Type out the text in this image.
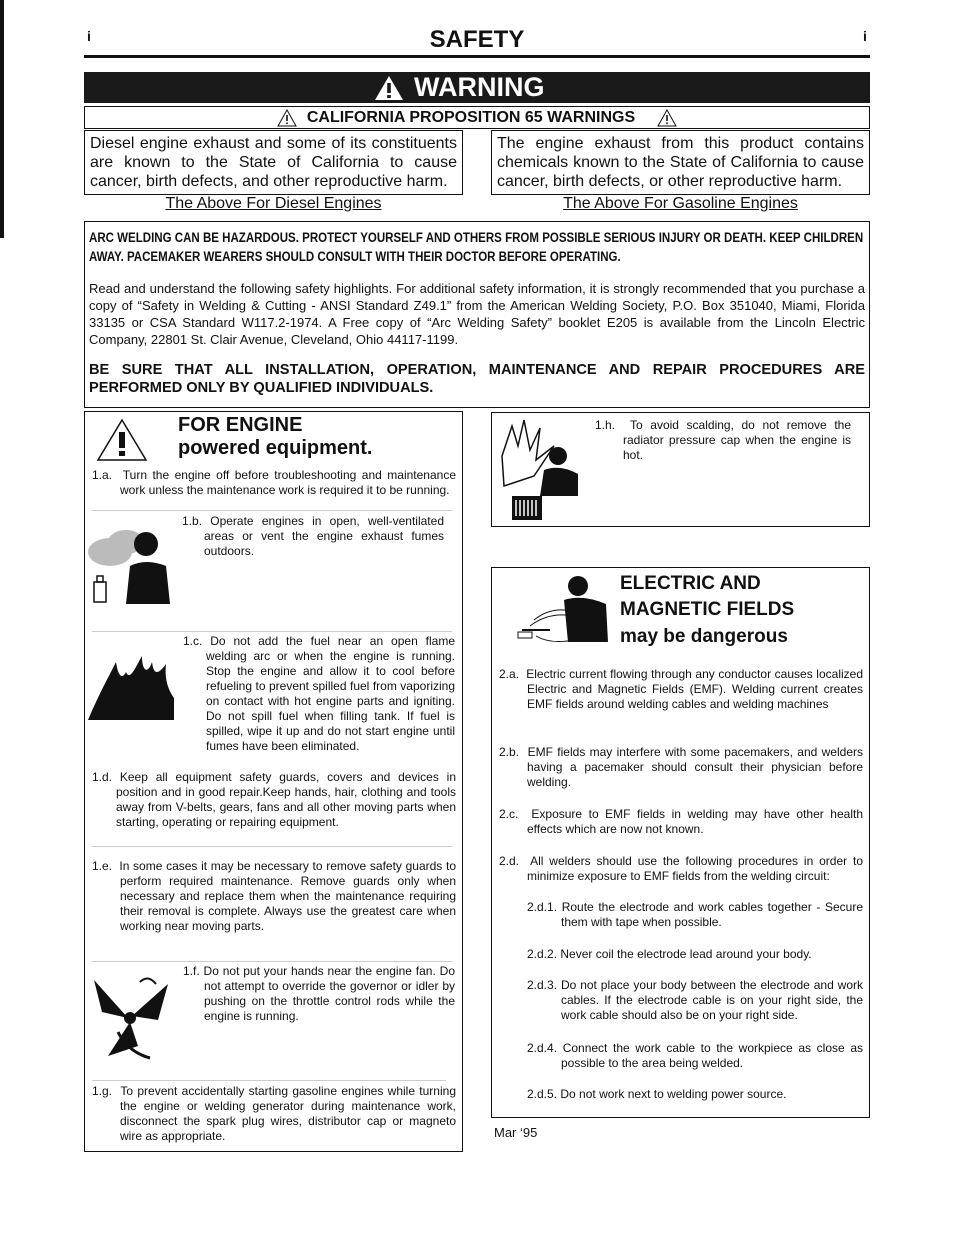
i	i
SAFETY
WARNING
CALIFORNIA PROPOSITION 65 WARNINGS
Diesel engine exhaust and some of its constituents are known to the State of California to cause cancer, birth defects, and other reproductive harm.
The engine exhaust from this product contains chemicals known to the State of California to cause cancer, birth defects, or other reproductive harm.
The Above For Diesel Engines	The Above For Gasoline Engines

ARC WELDING CAN BE HAZARDOUS. PROTECT YOURSELF AND OTHERS FROM POSSIBLE SERIOUS INJURY OR DEATH. KEEP CHILDREN AWAY. PACEMAKER WEARERS SHOULD CONSULT WITH THEIR DOCTOR BEFORE OPERATING.

Read and understand the following safety highlights. For additional safety information, it is strongly recommended that you purchase a copy of “Safety in Welding & Cutting - ANSI Standard Z49.1” from the American Welding Society, P.O. Box 351040, Miami, Florida 33135 or CSA Standard W117.2-1974. A Free copy of “Arc Welding Safety” booklet E205 is available from the Lincoln Electric Company, 22801 St. Clair Avenue, Cleveland, Ohio 44117-1199.

BE SURE THAT ALL INSTALLATION, OPERATION, MAINTENANCE AND REPAIR PROCEDURES ARE PERFORMED ONLY BY QUALIFIED INDIVIDUALS.

FOR ENGINE
powered equipment.
1.a. Turn the engine off before troubleshooting and maintenance work unless the maintenance work is required it to be running.
1.b. Operate engines in open, well-ventilated areas or vent the engine exhaust fumes outdoors.
1.c. Do not add the fuel near an open flame welding arc or when the engine is running. Stop the engine and allow it to cool before refueling to prevent spilled fuel from vaporizing on contact with hot engine parts and igniting. Do not spill fuel when filling tank. If fuel is spilled, wipe it up and do not start engine until fumes have been eliminated.
1.d. Keep all equipment safety guards, covers and devices in position and in good repair.Keep hands, hair, clothing and tools away from V-belts, gears, fans and all other moving parts when starting, operating or repairing equipment.
1.e. In some cases it may be necessary to remove safety guards to perform required maintenance. Remove guards only when necessary and replace them when the maintenance requiring their removal is complete. Always use the greatest care when working near moving parts.
1.f. Do not put your hands near the engine fan. Do not attempt to override the governor or idler by pushing on the throttle control rods while the engine is running.
1.g. To prevent accidentally starting gasoline engines while turning the engine or welding generator during maintenance work, disconnect the spark plug wires, distributor cap or magneto wire as appropriate.
1.h. To avoid scalding, do not remove the radiator pressure cap when the engine is hot.
ELECTRIC AND
MAGNETIC FIELDS
may be dangerous
2.a. Electric current flowing through any conductor causes localized Electric and Magnetic Fields (EMF). Welding current creates EMF fields around welding cables and welding machines
2.b. EMF fields may interfere with some pacemakers, and welders having a pacemaker should consult their physician before welding.
2.c. Exposure to EMF fields in welding may have other health effects which are now not known.
2.d. All welders should use the following procedures in order to minimize exposure to EMF fields from the welding circuit:
2.d.1. Route the electrode and work cables together - Secure them with tape when possible.
2.d.2. Never coil the electrode lead around your body.
2.d.3. Do not place your body between the electrode and work cables. If the electrode cable is on your right side, the work cable should also be on your right side.
2.d.4. Connect the work cable to the workpiece as close as possible to the area being welded.
2.d.5. Do not work next to welding power source.
Mar ‘95
